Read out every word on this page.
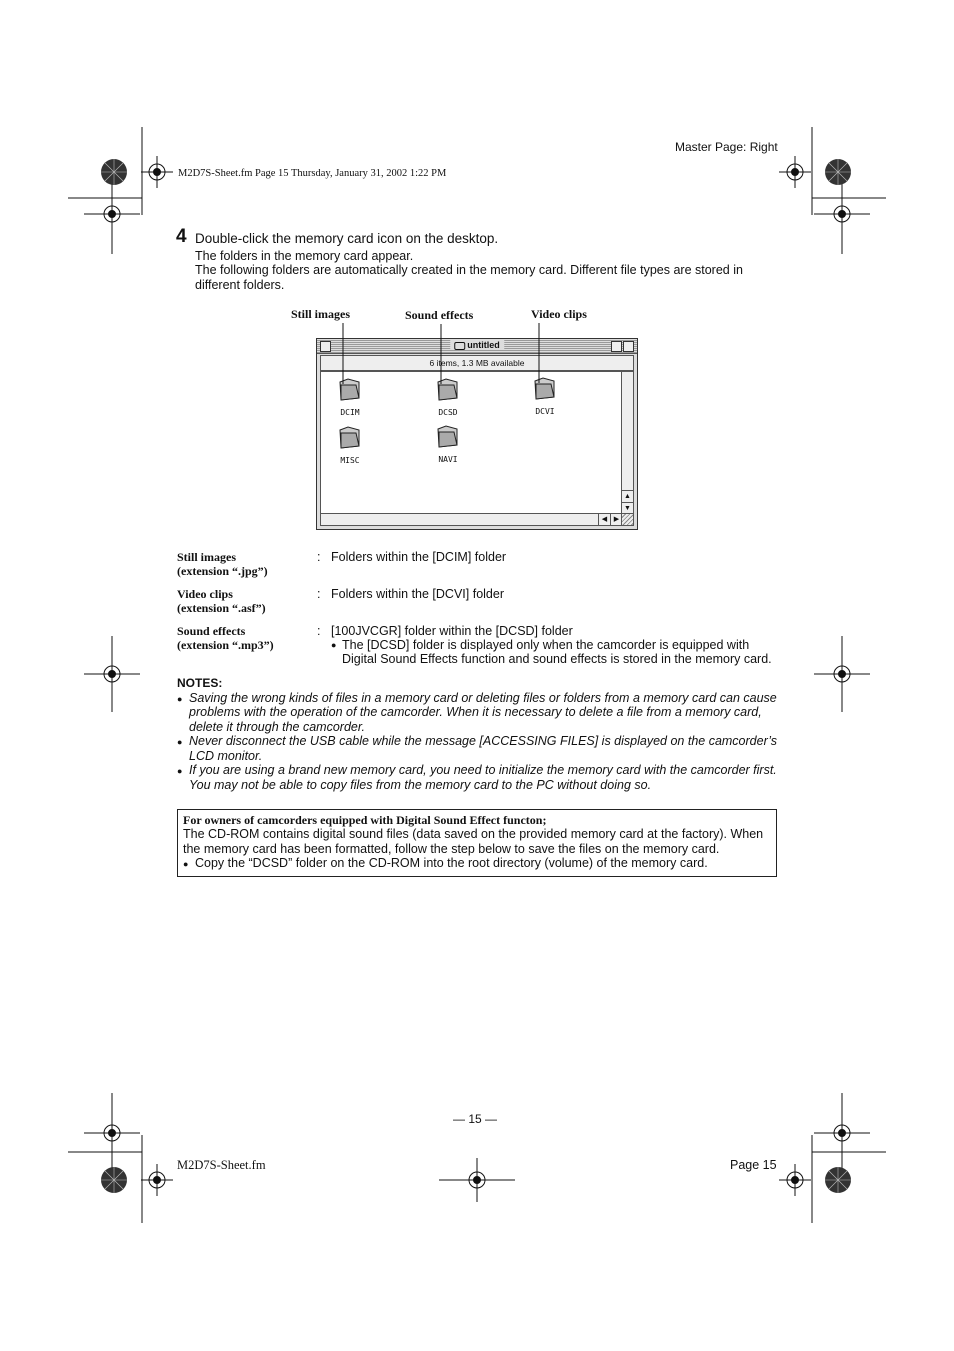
Master Page: Right
M2D7S-Sheet.fm Page 15 Thursday, January 31, 2002 1:22 PM
4 Double-click the memory card icon on the desktop.
The folders in the memory card appear.
The following folders are automatically created in the memory card. Different file types are stored in
different folders.
Still images	Sound effects	Video clips
untitled
6 items, 1.3 MB available
DCIM	DCSD	DCVI
MISC	NAVI
▲
▼
◀ ▶
Still images
(extension “.jpg”)
: Folders within the [DCIM] folder
Video clips
(extension “.asf”)
: Folders within the [DCVI] folder
Sound effects
(extension “.mp3”)
: [100JVCGR] folder within the [DCSD] folder
● The [DCSD] folder is displayed only when the camcorder is equipped with
Digital Sound Effects function and sound effects is stored in the memory card.
NOTES:
● Saving the wrong kinds of files in a memory card or deleting files or folders from a memory card can cause
problems with the operation of the camcorder. When it is necessary to delete a file from a memory card,
delete it through the camcorder.
● Never disconnect the USB cable while the message [ACCESSING FILES] is displayed on the camcorder’s
LCD monitor.
● If you are using a brand new memory card, you need to initialize the memory card with the camcorder first.
You may not be able to copy files from the memory card to the PC without doing so.
For owners of camcorders equipped with Digital Sound Effect functon;
The CD-ROM contains digital sound files (data saved on the provided memory card at the factory). When
the memory card has been formatted, follow the step below to save the files on the memory card.
● Copy the “DCSD” folder on the CD-ROM into the root directory (volume) of the memory card.
— 15 —
M2D7S-Sheet.fm	Page 15
